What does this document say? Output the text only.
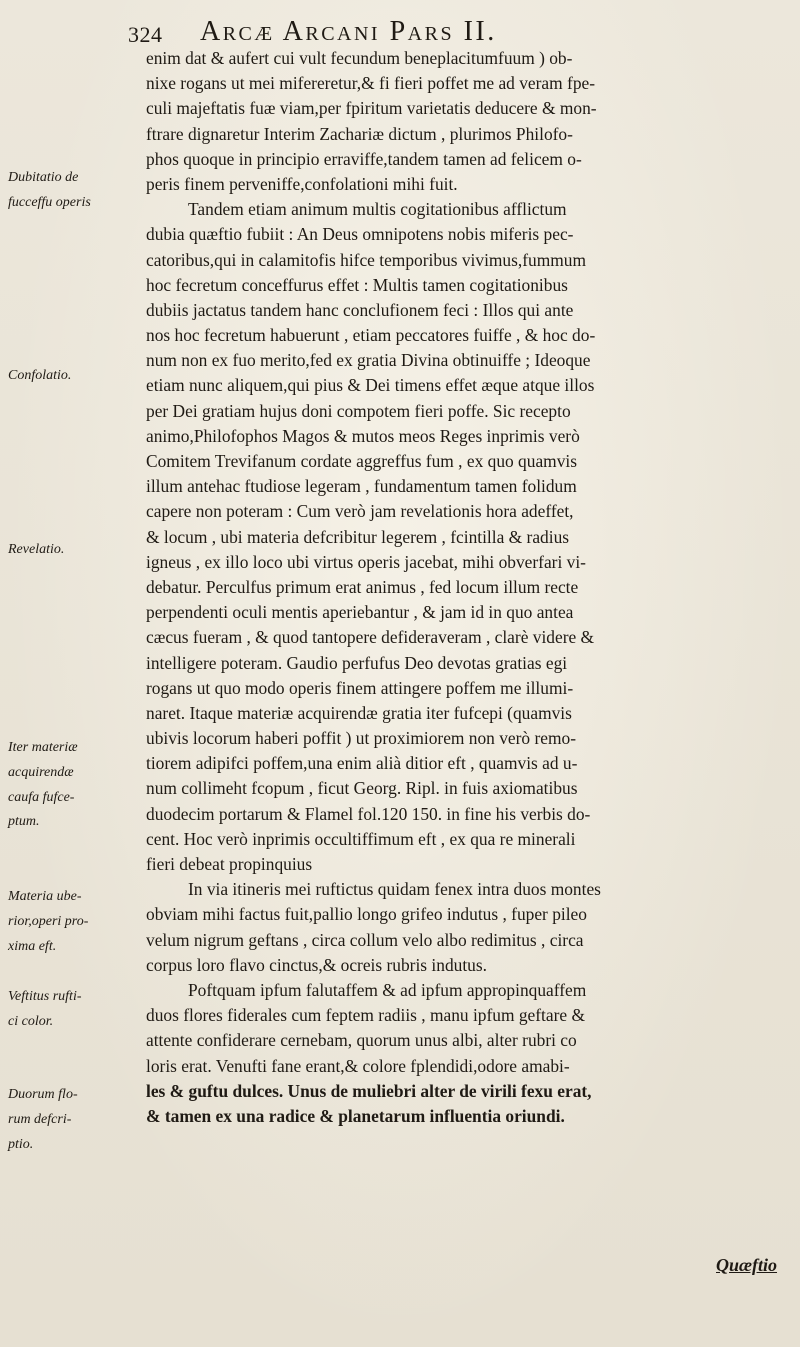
324 Arcæ Arcani Pars II.
Dubitatio de
fucceffu operis
Confolatio.
Revelatio.
Iter materiæ
acquirendæ
caufa fufce-
ptum.
Materia ube-
rior,operi pro-
xima eft.
Veftitus rufti-
ci color.
Duorum flo-
rum defcri-
ptio.
enim dat & aufert cui vult fecundum beneplacitumfuum ) ob-
nixe rogans ut mei mifereretur,& fi fieri poffet me ad veram fpe-
culi majeftatis fuæ viam,per fpiritum varietatis deducere & mon-
ftrare dignaretur Interim Zachariæ dictum , plurimos Philofo-
phos quoque in principio erraviffe,tandem tamen ad felicem o-
peris finem perveniffe,confolationi mihi fuit.
Tandem etiam animum multis cogitationibus afflictum
dubia quæftio fubiit : An Deus omnipotens nobis miferis pec-
catoribus,qui in calamitofis hifce temporibus vivimus,fummum
hoc fecretum conceffurus effet : Multis tamen cogitationibus
dubiis jactatus tandem hanc conclufionem feci : Illos qui ante
nos hoc fecretum habuerunt , etiam peccatores fuiffe , & hoc do-
num non ex fuo merito,fed ex gratia Divina obtinuiffe ; Ideoque
etiam nunc aliquem,qui pius & Dei timens effet æque atque illos
per Dei gratiam hujus doni compotem fieri poffe. Sic recepto
animo,Philofophos Magos & mutos meos Reges inprimis verò
Comitem Trevifanum cordate aggreffus fum , ex quo quamvis
illum antehac ftudiose legeram , fundamentum tamen folidum
capere non poteram : Cum verò jam revelationis hora adeffet,
& locum , ubi materia defcribitur legerem , fcintilla & radius
igneus , ex illo loco ubi virtus operis jacebat, mihi obverfari vi-
debatur. Perculfus primum erat animus , fed locum illum recte
perpendenti oculi mentis aperiebantur , & jam id in quo antea
cæcus fueram , & quod tantopere defideraveram , clarè videre &
intelligere poteram. Gaudio perfufus Deo devotas gratias egi
rogans ut quo modo operis finem attingere poffem me illumi-
naret. Itaque materiæ acquirendæ gratia iter fufcepi (quamvis
ubivis locorum haberi poffit ) ut proximiorem non verò remo-
tiorem adipifci poffem,una enim alià ditior eft , quamvis ad u-
num collimeht fcopum , ficut Georg. Ripl. in fuis axiomatibus
duodecim portarum & Flamel fol.120 150. in fine his verbis do-
cent. Hoc verò inprimis occultiffimum eft , ex qua re minerali
fieri debeat propinquius
In via itineris mei ruftictus quidam fenex intra duos montes
obviam mihi factus fuit,pallio longo grifeo indutus , fuper pileo
velum nigrum geftans , circa collum velo albo redimitus , circa
corpus loro flavo cinctus,& ocreis rubris indutus.
Poftquam ipfum falutaffem & ad ipfum appropinquaffem
duos flores fiderales cum feptem radiis , manu ipfum geftare &
attente confiderare cernebam, quorum unus albi, alter rubri co
loris erat. Venufti fane erant,& colore fplendidi,odore amabi-
les & guftu dulces. Unus de muliebri alter de virili fexu erat,
& tamen ex una radice & planetarum influentia oriundi.
Quæftio
